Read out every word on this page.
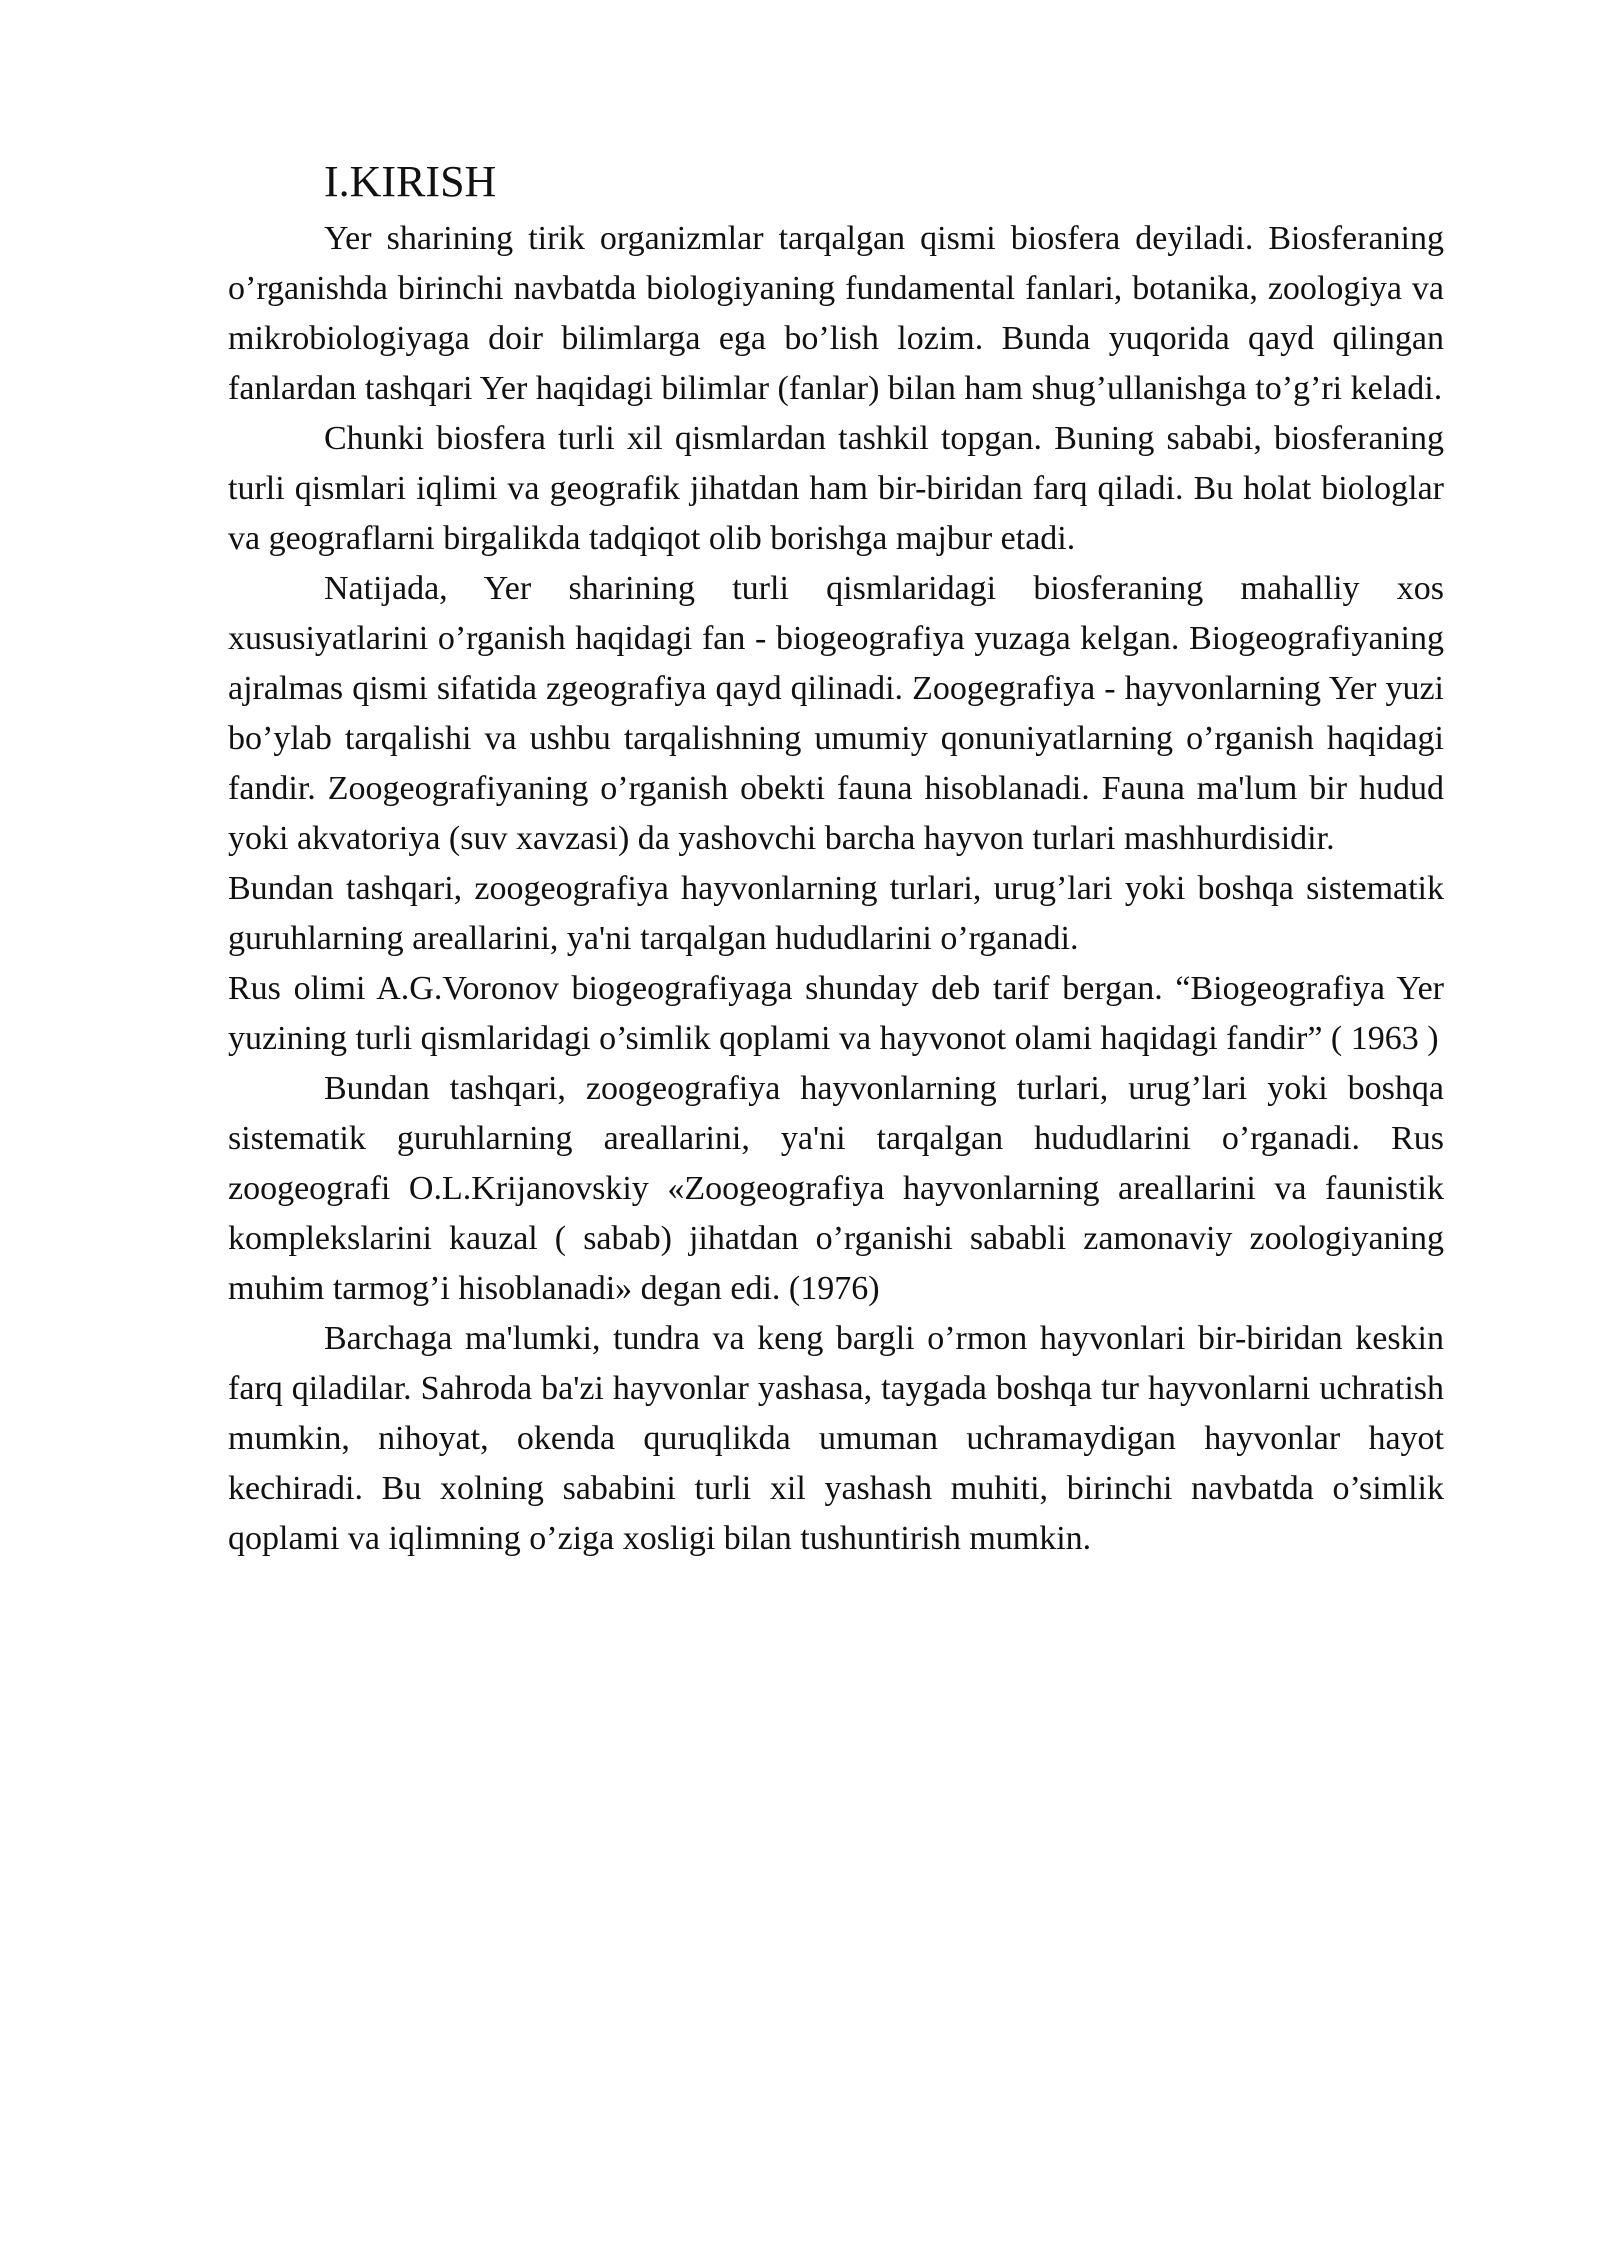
I.KIRISH

Yer sharining tirik organizmlar tarqalgan qismi biosfera deyiladi. Biosferaning o’rganishda birinchi navbatda biologiyaning fundamental fanlari, botanika, zoologiya va mikrobiologiyaga doir bilimlarga ega bo’lish lozim. Bunda yuqorida qayd qilingan fanlardan tashqari Yer haqidagi bilimlar (fanlar) bilan ham shug’ullanishga to’g’ri keladi.

Chunki biosfera turli xil qismlardan tashkil topgan. Buning sababi, biosferaning turli qismlari iqlimi va geografik jihatdan ham bir-biridan farq qiladi. Bu holat biologlar va geograflarni birgalikda tadqiqot olib borishga majbur etadi.

Natijada, Yer sharining turli qismlaridagi biosferaning mahalliy xos xususiyatlarini o’rganish haqidagi fan - biogeografiya yuzaga kelgan. Biogeografiyaning ajralmas qismi sifatida zgeografiya qayd qilinadi. Zoogegrafiya - hayvonlarning Yer yuzi bo’ylab tarqalishi va ushbu tarqalishning umumiy qonuniyatlarning o’rganish haqidagi fandir. Zoogeografiyaning o’rganish obekti fauna hisoblanadi. Fauna ma'lum bir hudud yoki akvatoriya (suv xavzasi) da yashovchi barcha hayvon turlari mashhurdisidir.

Bundan tashqari, zoogeografiya hayvonlarning turlari, urug’lari yoki boshqa sistematik guruhlarning areallarini, ya'ni tarqalgan hududlarini o’rganadi.

Rus olimi A.G.Voronov biogeografiyaga shunday deb tarif bergan. “Biogeografiya Yer yuzining turli qismlaridagi o’simlik qoplami va hayvonot olami haqidagi fandir” ( 1963 )

Bundan tashqari, zoogeografiya hayvonlarning turlari, urug’lari yoki boshqa sistematik guruhlarning areallarini, ya'ni tarqalgan hududlarini o’rganadi. Rus zoogeografi O.L.Krijanovskiy «Zoogeografiya hayvonlarning areallarini va faunistik komplekslarini kauzal ( sabab) jihatdan o’rganishi sababli zamonaviy zoologiyaning muhim tarmog’i hisoblanadi» degan edi. (1976)

Barchaga ma'lumki, tundra va keng bargli o’rmon hayvonlari bir-biridan keskin farq qiladilar. Sahroda ba'zi hayvonlar yashasa, taygada boshqa tur hayvonlarni uchratish mumkin, nihoyat, okenda quruqlikda umuman uchramaydigan hayvonlar hayot kechiradi. Bu xolning sababini turli xil yashash muhiti, birinchi navbatda o’simlik qoplami va iqlimning o’ziga xosligi bilan tushuntirish mumkin.
